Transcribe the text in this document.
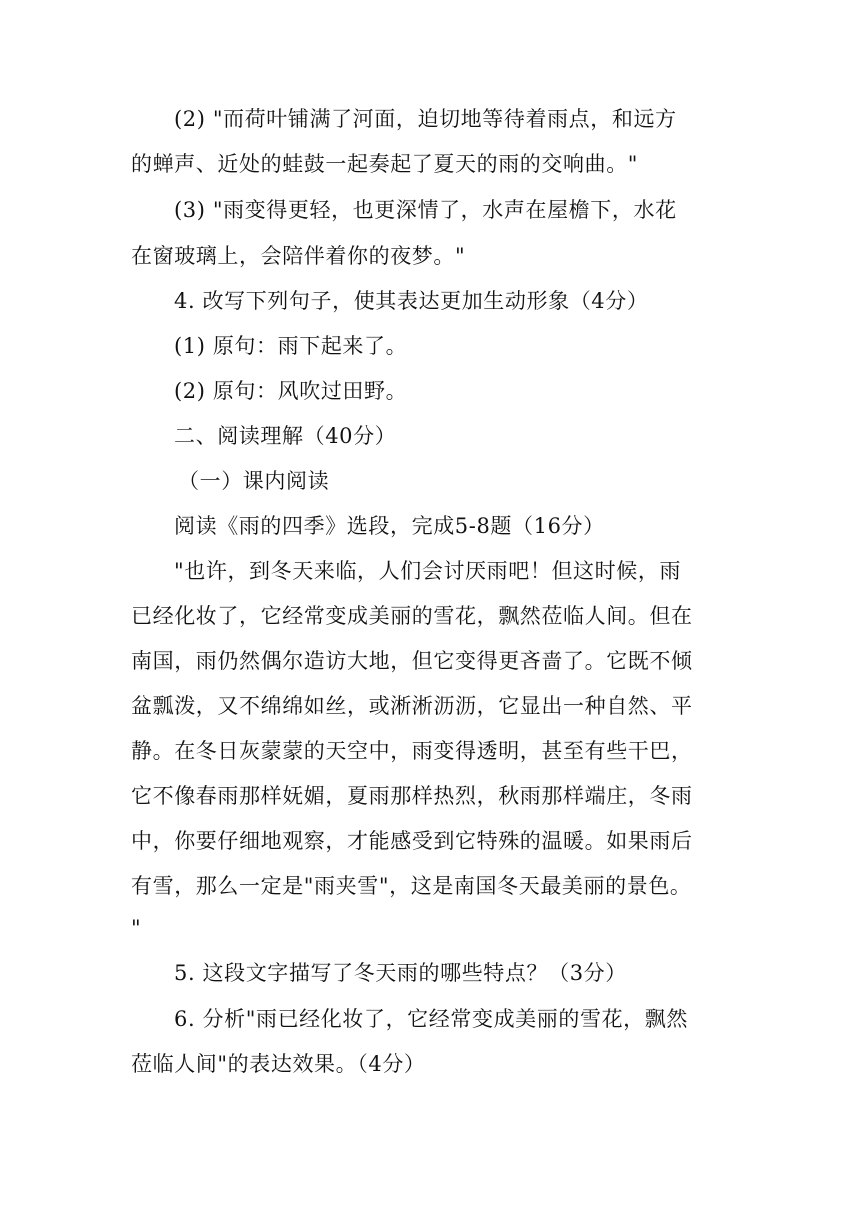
(2) "而荷叶铺满了河面，迫切地等待着雨点，和远方
的蝉声、近处的蛙鼓一起奏起了夏天的雨的交响曲。"
(3) "雨变得更轻，也更深情了，水声在屋檐下，水花
在窗玻璃上，会陪伴着你的夜梦。"
4. 改写下列句子，使其表达更加生动形象（4分）
(1) 原句：雨下起来了。
(2) 原句：风吹过田野。
二、阅读理解（40分）
（一）课内阅读
阅读《雨的四季》选段，完成5-8题（16分）
"也许，到冬天来临，人们会讨厌雨吧！但这时候，雨
已经化妆了，它经常变成美丽的雪花，飘然莅临人间。但在
南国，雨仍然偶尔造访大地，但它变得更吝啬了。它既不倾
盆瓢泼，又不绵绵如丝，或淅淅沥沥，它显出一种自然、平
静。在冬日灰蒙蒙的天空中，雨变得透明，甚至有些干巴，
它不像春雨那样妩媚，夏雨那样热烈，秋雨那样端庄，冬雨
中，你要仔细地观察，才能感受到它特殊的温暖。如果雨后
有雪，那么一定是"雨夹雪"，这是南国冬天最美丽的景色。
"
5. 这段文字描写了冬天雨的哪些特点？（3分）
6. 分析"雨已经化妆了，它经常变成美丽的雪花，飘然
莅临人间"的表达效果。（4分）
